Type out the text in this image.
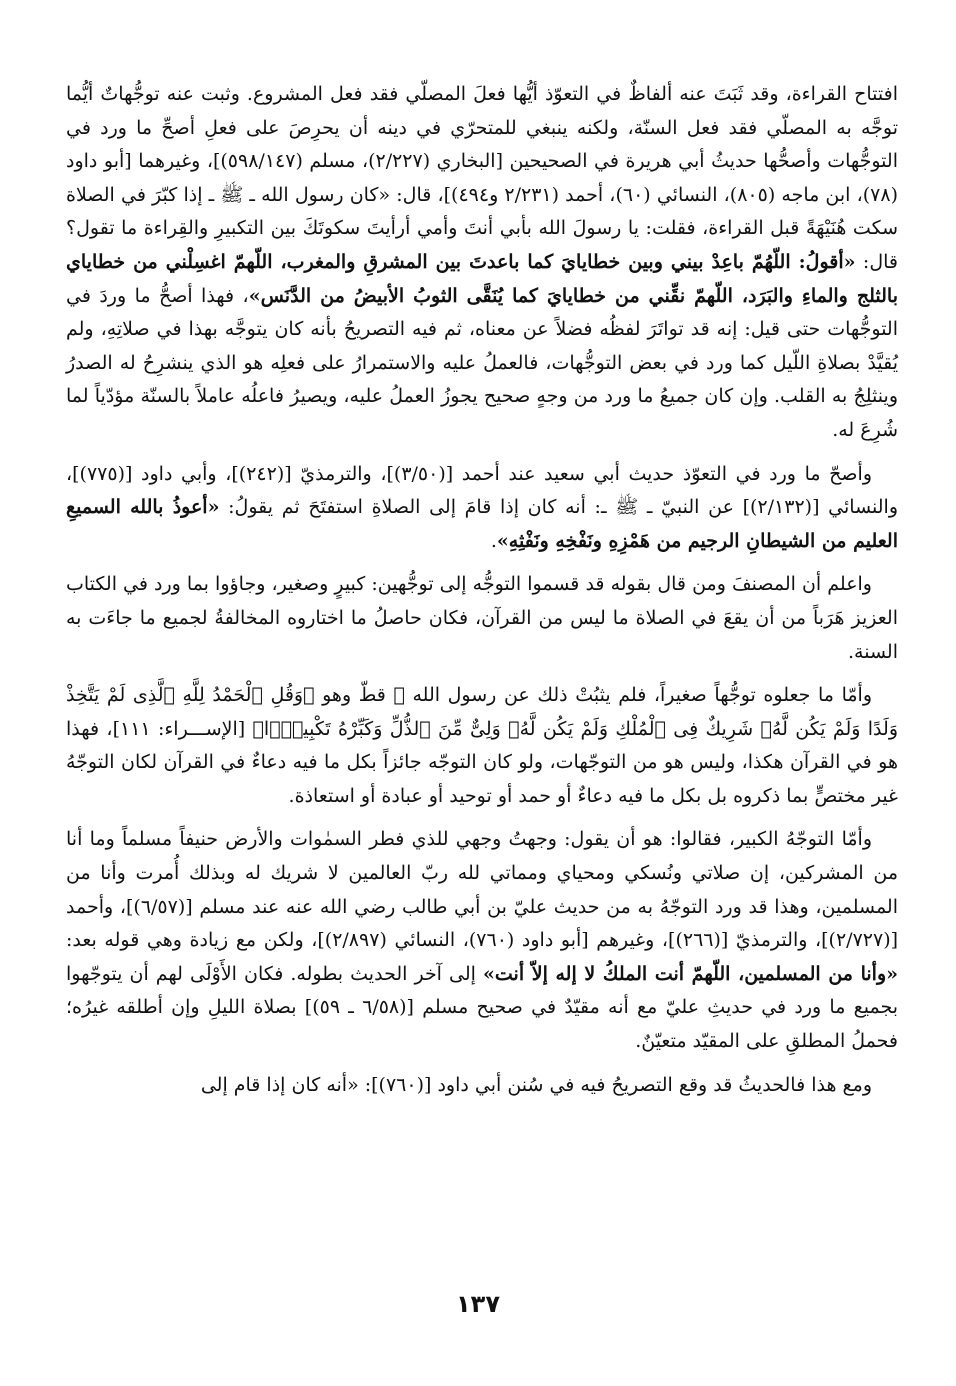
افتتاح القراءة، وقد ثَبَتَ عنه ألفاظٌ في التعوّذ أيُّها فعلَ المصلّي فقد فعل المشروع. وثبت عنه توجُّهاتٌ أيُّما توجَّه به المصلّي فقد فعل السنّة، ولكنه ينبغي للمتحرّي في دينه أن يحرِصَ على فعلِ أصحِّ ما ورد في التوجُّهات وأصحُّها حديثُ أبي هريرة في الصحيحين [البخاري (٢/٢٢٧)، مسلم (٥٩٨/١٤٧)]، وغيرهما [أبو داود (٧٨)، ابن ماجه (٨٠٥)، النسائي (٦٠)، أحمد (٢/٢٣١ و٤٩٤)]، قال: «كان رسول الله ـ ﷺ ـ إذا كبّرَ في الصلاة سكت هُنَيْهَةً قبل القراءة، فقلت: يا رسولَ الله بأبي أنتَ وأمي أرأيتَ سكوتَكَ بين التكبيرِ والقِراءة ما تقول؟ قال: «أقولُ: اللّهُمّ باعِدْ بيني وبين خطايايَ كما باعدتَ بين المشرقِ والمغرب، اللّهمّ اغسِلْني من خطاياي بالثلج والماءِ والبَرَد، اللّهمّ نقِّني من خطايايَ كما يُنَقَّى الثوبُ الأبيضُ من الدَّنَس»، فهذا أصحُّ ما وردَ في التوجُّهات حتى قيل: إنه قد تواتَرَ لفظُه فضلاً عن معناه، ثم فيه التصريحُ بأنه كان يتوجَّه بهذا في صلاتِهِ، ولم يُقيَّدْ بصلاةِ اللّيل كما ورد في بعض التوجُّهات، فالعملُ عليه والاستمرارُ على فعلِه هو الذي ينشرِحُ له الصدرُ وينثلِجُ به القلب. وإن كان جميعُ ما ورد من وجهٍ صحيح يجوزُ العملُ عليه، ويصيرُ فاعلُه عاملاً بالسنّة مؤدّياً لما شُرِعَ له.

وأصحّ ما ورد في التعوّذ حديث أبي سعيد عند أحمد [(٣/٥٠)]، والترمذيّ [(٢٤٢)]، وأبي داود [(٧٧٥)]، والنسائي [(٢/١٣٢)] عن النبيّ ـ ﷺ ـ: أنه كان إذا قامَ إلى الصلاةِ استفتَحَ ثم يقولُ: «أعوذُ بالله السميعِ العليم من الشيطانِ الرجيم من هَمْزِهِ ونَفْخِهِ ونَفْثِهِ».

واعلم أن المصنفَ ومن قال بقوله قد قسموا التوجُّه إلى توجُّهين: كبيرٍ وصغير، وجاؤوا بما ورد في الكتاب العزيز هَرَباً من أن يقعَ في الصلاة ما ليس من القرآن، فكان حاصلُ ما اختاروه المخالفةُ لجميع ما جاءَت به السنة.

وأمّا ما جعلوه توجُّهاً صغيراً، فلم يثبُتْ ذلك عن رسول الله ﷺ قطّ وهو ﴿وَقُلِ ٱلْحَمْدُ لِلَّهِ ٱلَّذِى لَمْ يَتَّخِذْ وَلَدًا وَلَمْ يَكُن لَّهُۥ شَرِيكٌ فِى ٱلْمُلْكِ وَلَمْ يَكُن لَّهُۥ وَلِىٌّ مِّنَ ٱلذُّلِّ وَكَبِّرْهُ تَكْبِيرًۢا﴾ [الإســـراء: ١١١]، فهذا هو في القرآن هكذا، وليس هو من التوجّهات، ولو كان التوجّه جائزاً بكل ما فيه دعاءٌ في القرآن لكان التوجّهُ غير مختصٍّ بما ذكروه بل بكل ما فيه دعاءٌ أو حمد أو توحيد أو عبادة أو استعاذة.

وأمّا التوجّهُ الكبير، فقالوا: هو أن يقول: وجهتُ وجهي للذي فطر السمٰوات والأرض حنيفاً مسلماً وما أنا من المشركين، إن صلاتي ونُسكي ومحياي ومماتي لله ربّ العالمين لا شريك له وبذلك أُمرت وأنا من المسلمين، وهذا قد ورد التوجّهُ به من حديث عليّ بن أبي طالب رضي الله عنه عند مسلم [(٦/٥٧)]، وأحمد [(٢/٧٢٧)]، والترمذيّ [(٢٦٦)]، وغيرهم [أبو داود (٧٦٠)، النسائي (٢/٨٩٧)]، ولكن مع زيادة وهي قوله بعد: «وأنا من المسلمين، اللّهمّ أنت الملكُ لا إله إلاّ أنت» إلى آخر الحديث بطوله. فكان الأَوْلَى لهم أن يتوجّهوا بجميع ما ورد في حديثِ عليّ مع أنه مقيّدٌ في صحيح مسلم [(٦/٥٨ ـ ٥٩)] بصلاة الليلِ وإن أطلقه غيرُه؛ فحملُ المطلقِ على المقيّد متعيّنٌ.

ومع هذا فالحديثُ قد وقع التصريحُ فيه في سُنن أبي داود [(٧٦٠)]: «أنه كان إذا قام إلى

١٣٧
